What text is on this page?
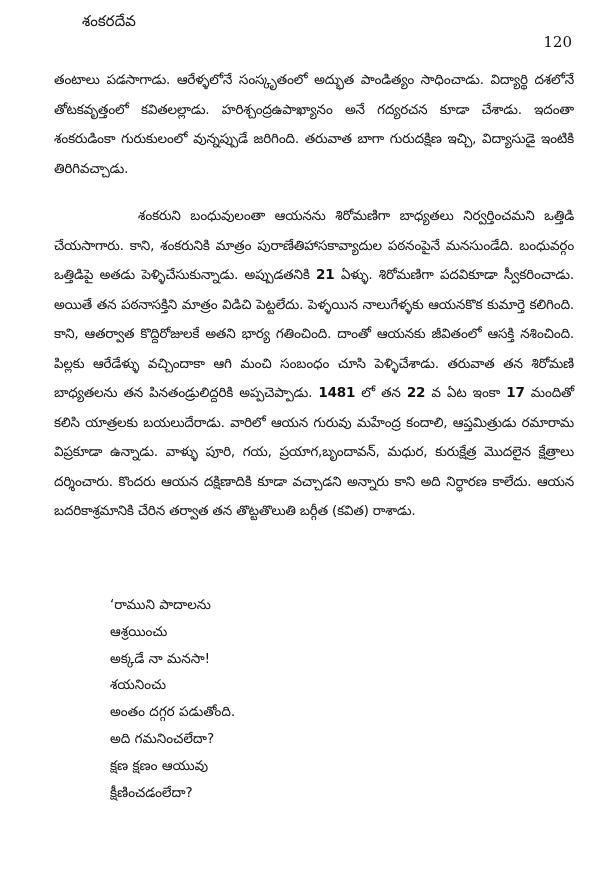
శంకరదేవ
120

తంటాలు పడసాగాడు. ఆరేళ్ళలోనే సంస్కృతంలో అద్భుత పాండిత్యం సాధించాడు. విద్యార్థి దశలోనే తోటకవృత్తంలో కవితలల్లాడు. హరిశ్చంద్రఉపాఖ్యానం అనే గద్యరచన కూడా చేశాడు. ఇదంతా శంకరుడింకా గురుకులంలో వున్నప్పుడే జరిగింది. తరువాత బాగా గురుదక్షిణ ఇచ్చి, విద్యాసుడై ఇంటికి తిరిగివచ్చాడు.

శంకరుని బంధువులంతా ఆయనను శిరోమణిగా బాధ్యతలు నిర్వర్తించమని ఒత్తిడి చేయసాగారు. కాని, శంకరునికి మాత్రం పురాణేతిహాసకావ్యాదుల పఠనంపైనే మనసుండేది. బంధువర్గం ఒత్తిడిపై అతడు పెళ్ళిచేసుకున్నాడు. అప్పుడతనికి 21 ఏళ్ళు. శిరోమణిగా పదవికూడా స్వీకరించాడు. అయితే తన పఠనాసక్తిని మాత్రం విడిచి పెట్టలేదు. పెళ్ళయిన నాలుగేళ్ళకు ఆయనకొక కుమార్తె కలిగింది. కాని, ఆతర్వాత కొద్దిరోజులకే అతని భార్య గతించింది. దాంతో ఆయనకు జీవితంలో ఆసక్తి నశించింది. పిల్లకు ఆరేడేళ్ళు వచ్చిందాకా ఆగి మంచి సంబంధం చూసి పెళ్ళిచేశాడు. తరువాత తన శిరోమణి బాధ్యతలను తన పినతండ్రులిద్దరికి అప్పచెప్పాడు. 1481 లో తన 22 వ ఏట ఇంకా 17 మందితో కలిసి యాత్రలకు బయలుదేరాడు. వారిలో ఆయన గురువు మహేంద్ర కందాలి, ఆప్తమిత్రుడు రమారామ విప్రకూడా ఉన్నాడు. వాళ్ళు పూరి, గయ, ప్రయాగ,బృందావన్, మధుర, కురుక్షేత్ర మొదలైన క్షేత్రాలు దర్శించారు. కొందరు ఆయన దక్షిణాదికి కూడా వచ్చాడని అన్నారు కాని అది నిర్ధారణ కాలేదు. ఆయన బదరికాశ్రమానికి చేరిన తర్వాత తన తొట్టతొలుతి బర్గీత (కవిత) రాశాడు.

‘రాముని పాదాలను
ఆశ్రయించు
అక్కడే నా మనసా!
శయనించు
అంతం దగ్గర పడుతోంది.
అది గమనించలేదా?
క్షణ క్షణం ఆయువు
క్షీణించడంలేదా?
